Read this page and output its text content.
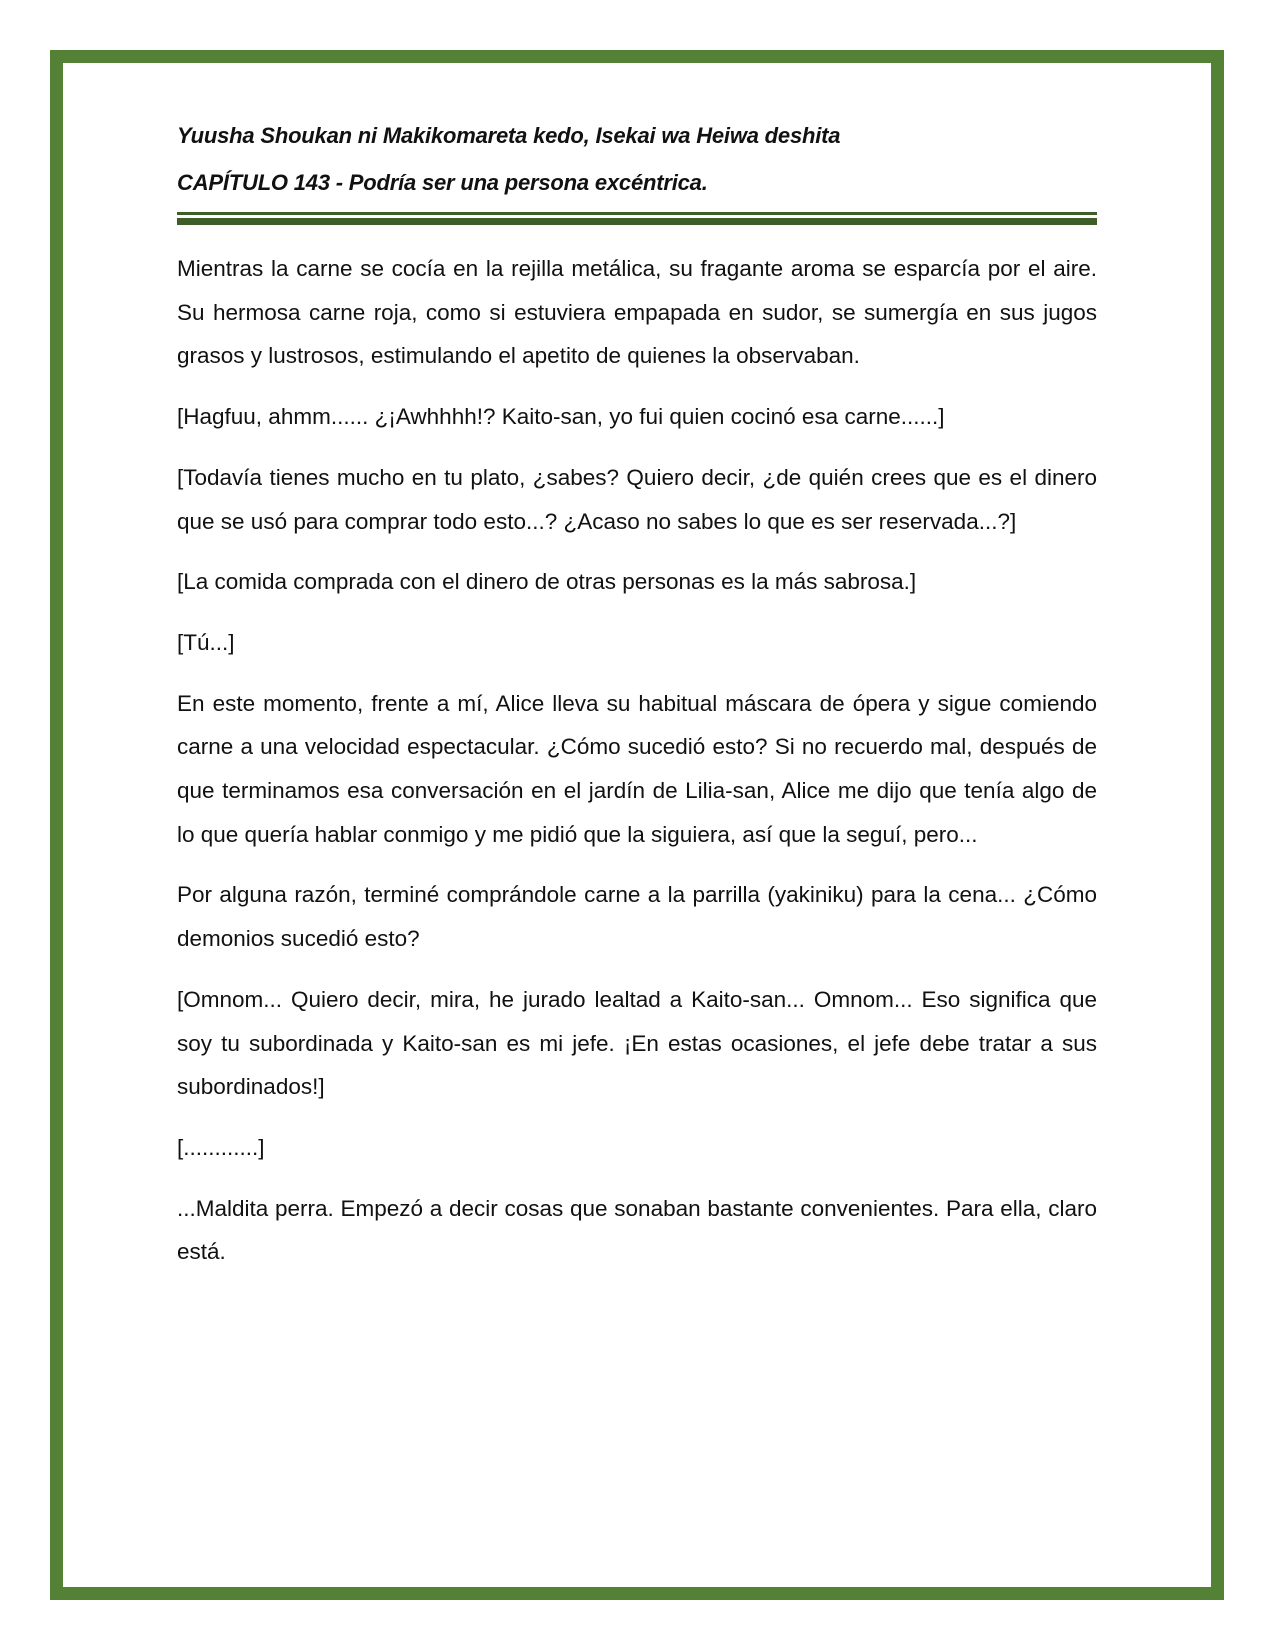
Yuusha Shoukan ni Makikomareta kedo, Isekai wa Heiwa deshita

CAPÍTULO 143 - Podría ser una persona excéntrica.

Mientras la carne se cocía en la rejilla metálica, su fragante aroma se esparcía por el aire. Su hermosa carne roja, como si estuviera empapada en sudor, se sumergía en sus jugos grasos y lustrosos, estimulando el apetito de quienes la observaban.

[Hagfuu, ahmm...... ¿¡Awhhhh!? Kaito-san, yo fui quien cocinó esa carne......]

[Todavía tienes mucho en tu plato, ¿sabes? Quiero decir, ¿de quién crees que es el dinero que se usó para comprar todo esto...? ¿Acaso no sabes lo que es ser reservada...?]

[La comida comprada con el dinero de otras personas es la más sabrosa.]

[Tú...]

En este momento, frente a mí, Alice lleva su habitual máscara de ópera y sigue comiendo carne a una velocidad espectacular. ¿Cómo sucedió esto? Si no recuerdo mal, después de que terminamos esa conversación en el jardín de Lilia-san, Alice me dijo que tenía algo de lo que quería hablar conmigo y me pidió que la siguiera, así que la seguí, pero...

Por alguna razón, terminé comprándole carne a la parrilla (yakiniku) para la cena... ¿Cómo demonios sucedió esto?

[Omnom... Quiero decir, mira, he jurado lealtad a Kaito-san... Omnom... Eso significa que soy tu subordinada y Kaito-san es mi jefe. ¡En estas ocasiones, el jefe debe tratar a sus subordinados!]

[............]

...Maldita perra. Empezó a decir cosas que sonaban bastante convenientes. Para ella, claro está.
